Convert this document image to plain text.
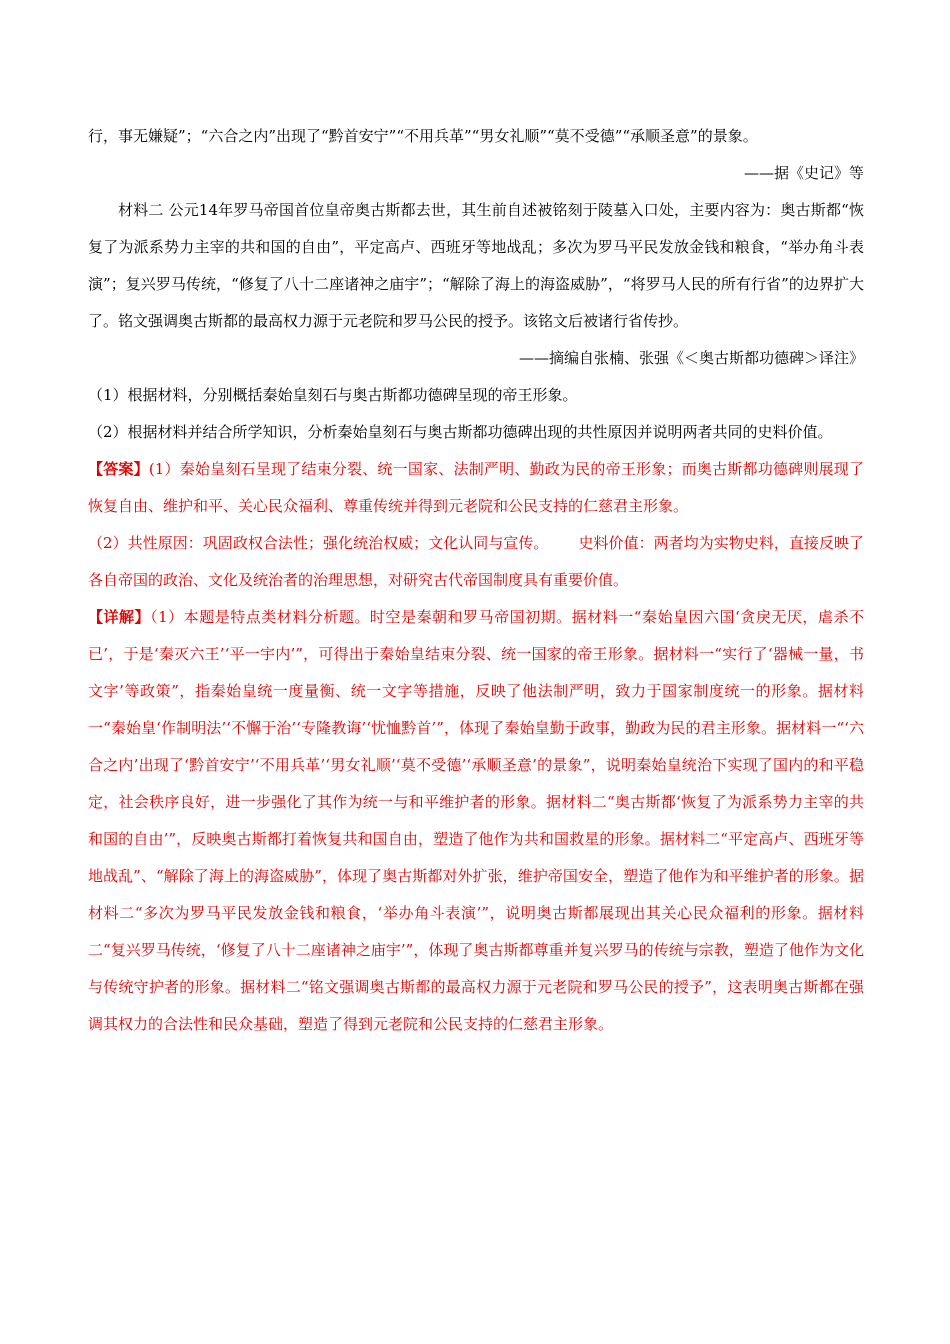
行，事无嫌疑”；“六合之内”出现了“黔首安宁”“不用兵革”“男女礼顺”“莫不受德”“承顺圣意”的景象。

——据《史记》等

材料二 公元14年罗马帝国首位皇帝奥古斯都去世，其生前自述被铭刻于陵墓入口处，主要内容为：奥古斯都“恢复了为派系势力主宰的共和国的自由”，平定高卢、西班牙等地战乱；多次为罗马平民发放金钱和粮食，“举办角斗表演”；复兴罗马传统，“修复了八十二座诸神之庙宇”；“解除了海上的海盗威胁”，“将罗马人民的所有行省”的边界扩大了。铭文强调奥古斯都的最高权力源于元老院和罗马公民的授予。该铭文后被诸行省传抄。

——摘编自张楠、张强《＜奥古斯都功德碑＞译注》

（1）根据材料，分别概括秦始皇刻石与奥古斯都功德碑呈现的帝王形象。

（2）根据材料并结合所学知识，分析秦始皇刻石与奥古斯都功德碑出现的共性原因并说明两者共同的史料价值。

【答案】(1）秦始皇刻石呈现了结束分裂、统一国家、法制严明、勤政为民的帝王形象；而奥古斯都功德碑则展现了恢复自由、维护和平、关心民众福利、尊重传统并得到元老院和公民支持的仁慈君主形象。

（2）共性原因：巩固政权合法性；强化统治权威；文化认同与宣传。 史料价值：两者均为实物史料，直接反映了各自帝国的政治、文化及统治者的治理思想，对研究古代帝国制度具有重要价值。

【详解】（1）本题是特点类材料分析题。时空是秦朝和罗马帝国初期。据材料一“秦始皇因六国‘贪戾无厌，虐杀不已’，于是‘秦灭六王’‘平一宇内’”，可得出于秦始皇结束分裂、统一国家的帝王形象。据材料一“实行了‘器械一量，书文字’等政策”，指秦始皇统一度量衡、统一文字等措施，反映了他法制严明，致力于国家制度统一的形象。据材料一“秦始皇‘作制明法’‘不懈于治’‘专隆教诲’‘忧恤黔首’”，体现了秦始皇勤于政事，勤政为民的君主形象。据材料一“‘六合之内’出现了‘黔首安宁’‘不用兵革’‘男女礼顺’‘莫不受德’‘承顺圣意’的景象”，说明秦始皇统治下实现了国内的和平稳定，社会秩序良好，进一步强化了其作为统一与和平维护者的形象。据材料二“奥古斯都‘恢复了为派系势力主宰的共和国的自由’”，反映奥古斯都打着恢复共和国自由，塑造了他作为共和国救星的形象。据材料二“平定高卢、西班牙等地战乱”、“解除了海上的海盗威胁”，体现了奥古斯都对外扩张，维护帝国安全，塑造了他作为和平维护者的形象。据材料二“多次为罗马平民发放金钱和粮食，‘举办角斗表演’”，说明奥古斯都展现出其关心民众福利的形象。据材料二“复兴罗马传统，‘修复了八十二座诸神之庙宇’”，体现了奥古斯都尊重并复兴罗马的传统与宗教，塑造了他作为文化与传统守护者的形象。据材料二“铭文强调奥古斯都的最高权力源于元老院和罗马公民的授予”，这表明奥古斯都在强调其权力的合法性和民众基础，塑造了得到元老院和公民支持的仁慈君主形象。
